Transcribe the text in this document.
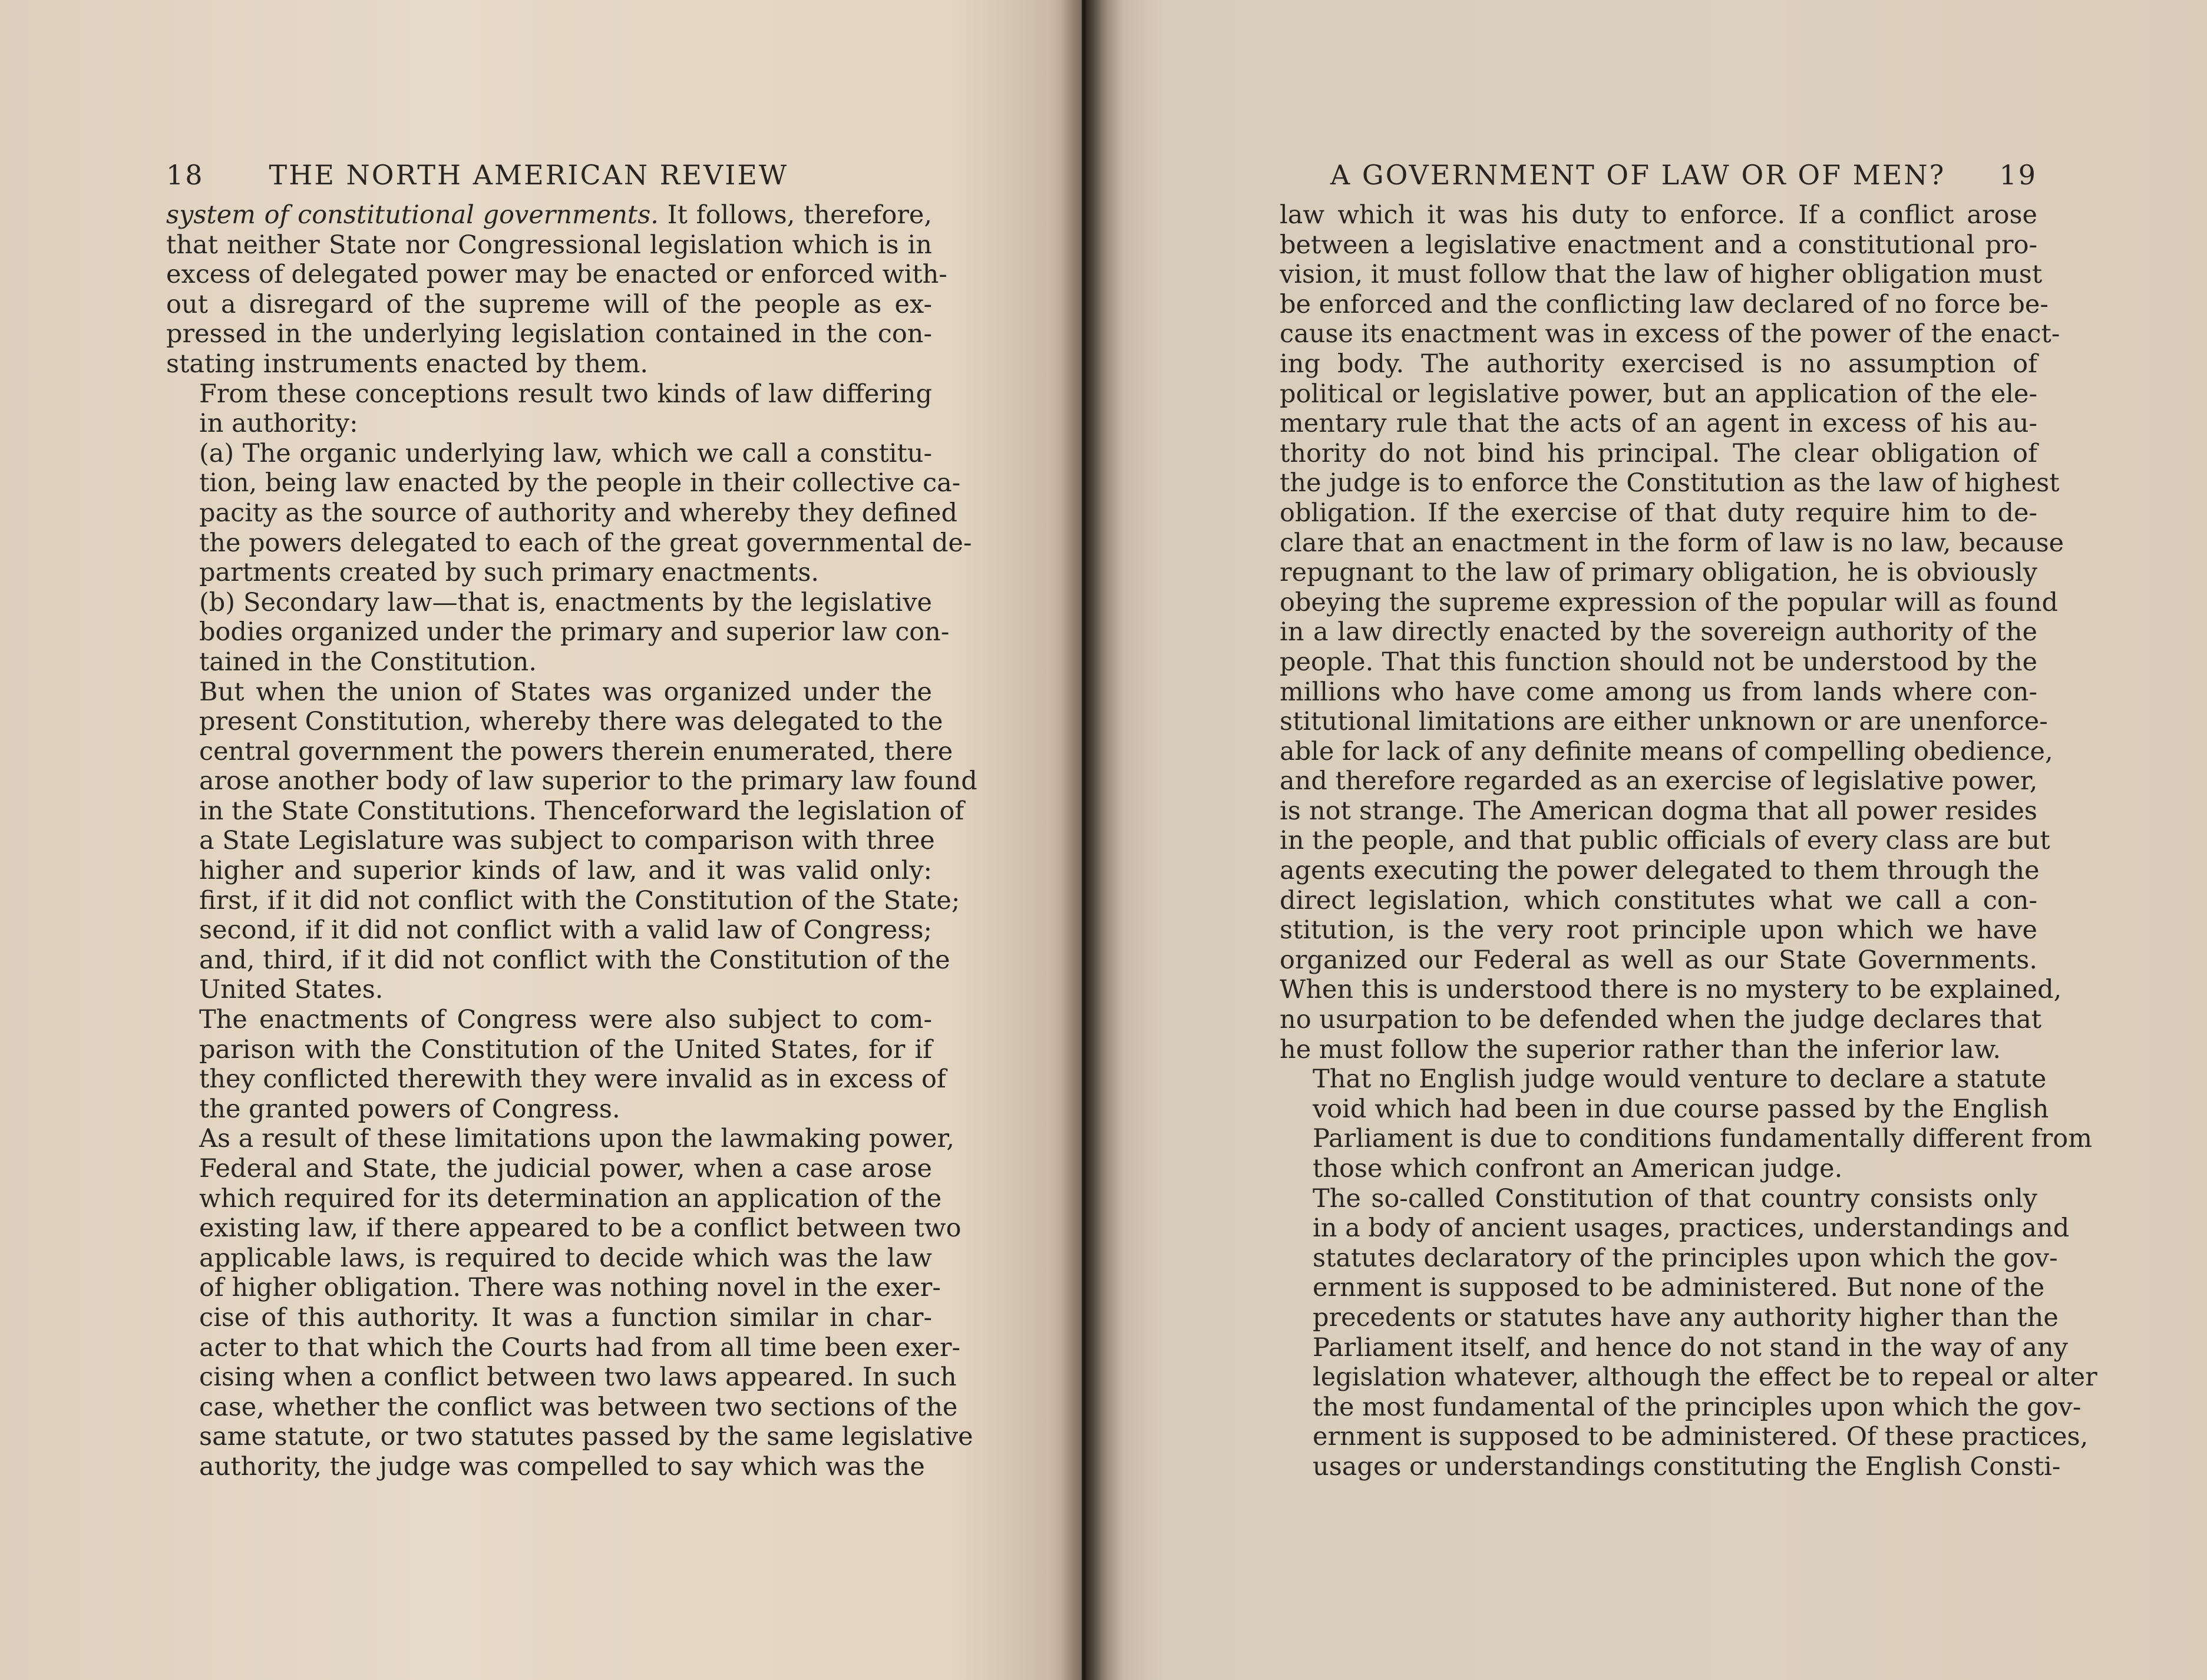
18 THE NORTH AMERICAN REVIEW

system of constitutional governments. It follows, therefore,
that neither State nor Congressional legislation which is in
excess of delegated power may be enacted or enforced with-
out a disregard of the supreme will of the people as ex-
pressed in the underlying legislation contained in the con-
stating instruments enacted by them.

From these conceptions result two kinds of law differing
in authority:

(a) The organic underlying law, which we call a constitu-
tion, being law enacted by the people in their collective ca-
pacity as the source of authority and whereby they defined
the powers delegated to each of the great governmental de-
partments created by such primary enactments.

(b) Secondary law—that is, enactments by the legislative
bodies organized under the primary and superior law con-
tained in the Constitution.

But when the union of States was organized under the
present Constitution, whereby there was delegated to the
central government the powers therein enumerated, there
arose another body of law superior to the primary law found
in the State Constitutions. Thenceforward the legislation of
a State Legislature was subject to comparison with three
higher and superior kinds of law, and it was valid only:
first, if it did not conflict with the Constitution of the State;
second, if it did not conflict with a valid law of Congress;
and, third, if it did not conflict with the Constitution of the
United States.

The enactments of Congress were also subject to com-
parison with the Constitution of the United States, for if
they conflicted therewith they were invalid as in excess of
the granted powers of Congress.

As a result of these limitations upon the lawmaking power,
Federal and State, the judicial power, when a case arose
which required for its determination an application of the
existing law, if there appeared to be a conflict between two
applicable laws, is required to decide which was the law
of higher obligation. There was nothing novel in the exer-
cise of this authority. It was a function similar in char-
acter to that which the Courts had from all time been exer-
cising when a conflict between two laws appeared. In such
case, whether the conflict was between two sections of the
same statute, or two statutes passed by the same legislative
authority, the judge was compelled to say which was the

A GOVERNMENT OF LAW OR OF MEN? 19

law which it was his duty to enforce. If a conflict arose
between a legislative enactment and a constitutional pro-
vision, it must follow that the law of higher obligation must
be enforced and the conflicting law declared of no force be-
cause its enactment was in excess of the power of the enact-
ing body. The authority exercised is no assumption of
political or legislative power, but an application of the ele-
mentary rule that the acts of an agent in excess of his au-
thority do not bind his principal. The clear obligation of
the judge is to enforce the Constitution as the law of highest
obligation. If the exercise of that duty require him to de-
clare that an enactment in the form of law is no law, because
repugnant to the law of primary obligation, he is obviously
obeying the supreme expression of the popular will as found
in a law directly enacted by the sovereign authority of the
people. That this function should not be understood by the
millions who have come among us from lands where con-
stitutional limitations are either unknown or are unenforce-
able for lack of any definite means of compelling obedience,
and therefore regarded as an exercise of legislative power,
is not strange. The American dogma that all power resides
in the people, and that public officials of every class are but
agents executing the power delegated to them through the
direct legislation, which constitutes what we call a con-
stitution, is the very root principle upon which we have
organized our Federal as well as our State Governments.
When this is understood there is no mystery to be explained,
no usurpation to be defended when the judge declares that
he must follow the superior rather than the inferior law.

That no English judge would venture to declare a statute
void which had been in due course passed by the English
Parliament is due to conditions fundamentally different from
those which confront an American judge.

The so-called Constitution of that country consists only
in a body of ancient usages, practices, understandings and
statutes declaratory of the principles upon which the gov-
ernment is supposed to be administered. But none of the
precedents or statutes have any authority higher than the
Parliament itself, and hence do not stand in the way of any
legislation whatever, although the effect be to repeal or alter
the most fundamental of the principles upon which the gov-
ernment is supposed to be administered. Of these practices,
usages or understandings constituting the English Consti-
